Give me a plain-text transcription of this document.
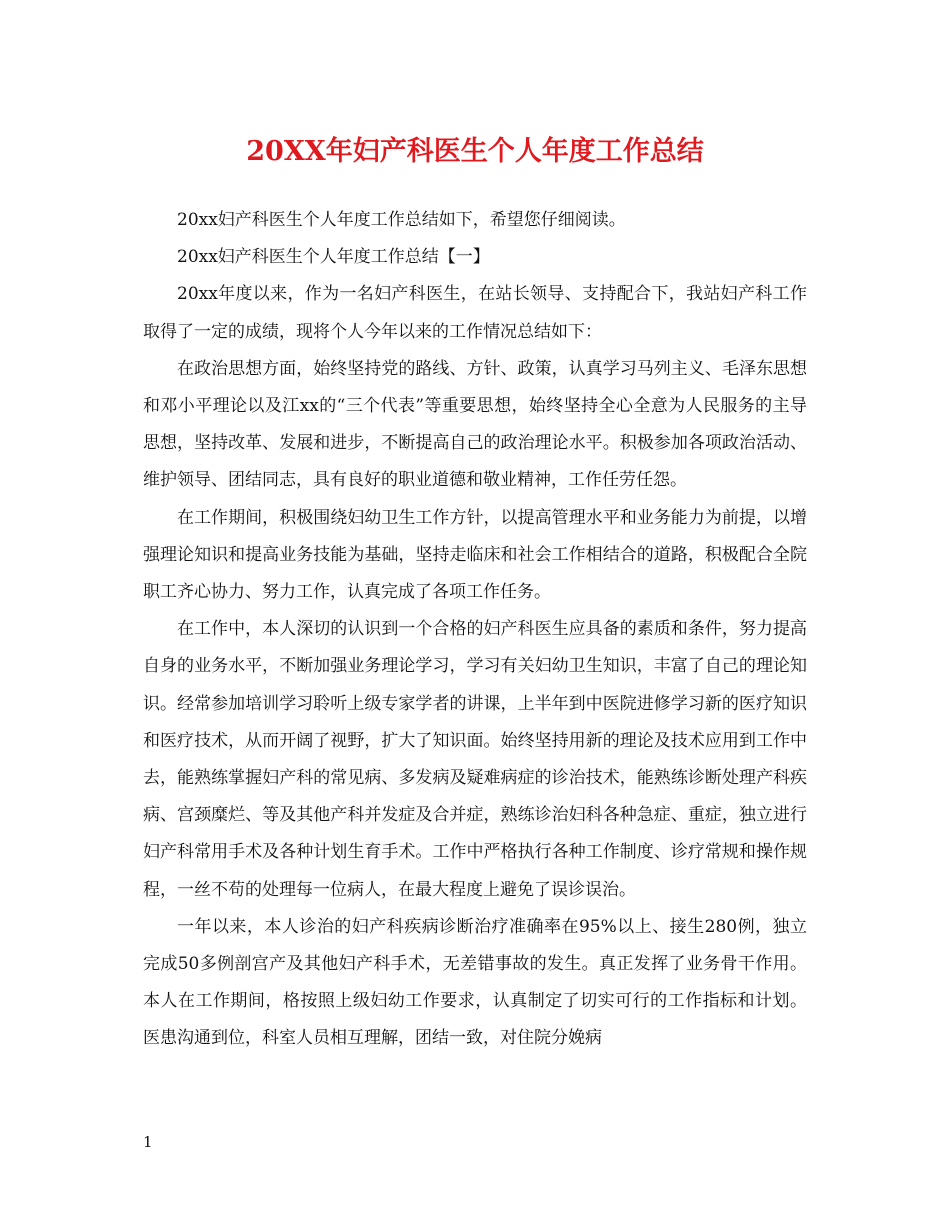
20XX年妇产科医生个人年度工作总结

20xx妇产科医生个人年度工作总结如下，希望您仔细阅读。

20xx妇产科医生个人年度工作总结【一】

20xx年度以来，作为一名妇产科医生，在站长领导、支持配合下，我站妇产科工作取得了一定的成绩，现将个人今年以来的工作情况总结如下：

在政治思想方面，始终坚持党的路线、方针、政策，认真学习马列主义、毛泽东思想和邓小平理论以及江xx的“三个代表”等重要思想，始终坚持全心全意为人民服务的主导思想，坚持改革、发展和进步，不断提高自己的政治理论水平。积极参加各项政治活动、维护领导、团结同志，具有良好的职业道德和敬业精神，工作任劳任怨。

在工作期间，积极围绕妇幼卫生工作方针，以提高管理水平和业务能力为前提，以增强理论知识和提高业务技能为基础，坚持走临床和社会工作相结合的道路，积极配合全院职工齐心协力、努力工作，认真完成了各项工作任务。

在工作中，本人深切的认识到一个合格的妇产科医生应具备的素质和条件，努力提高自身的业务水平，不断加强业务理论学习，学习有关妇幼卫生知识，丰富了自己的理论知识。经常参加培训学习聆听上级专家学者的讲课，上半年到中医院进修学习新的医疗知识和医疗技术，从而开阔了视野，扩大了知识面。始终坚持用新的理论及技术应用到工作中去，能熟练掌握妇产科的常见病、多发病及疑难病症的诊治技术，能熟练诊断处理产科疾病、宫颈糜烂、等及其他产科并发症及合并症，熟练诊治妇科各种急症、重症，独立进行妇产科常用手术及各种计划生育手术。工作中严格执行各种工作制度、诊疗常规和操作规程，一丝不苟的处理每一位病人，在最大程度上避免了误诊误治。

一年以来，本人诊治的妇产科疾病诊断治疗准确率在95%以上、接生280例，独立完成50多例剖宫产及其他妇产科手术，无差错事故的发生。真正发挥了业务骨干作用。本人在工作期间，格按照上级妇幼工作要求，认真制定了切实可行的工作指标和计划。 医患沟通到位，科室人员相互理解，团结一致，对住院分娩病

1
